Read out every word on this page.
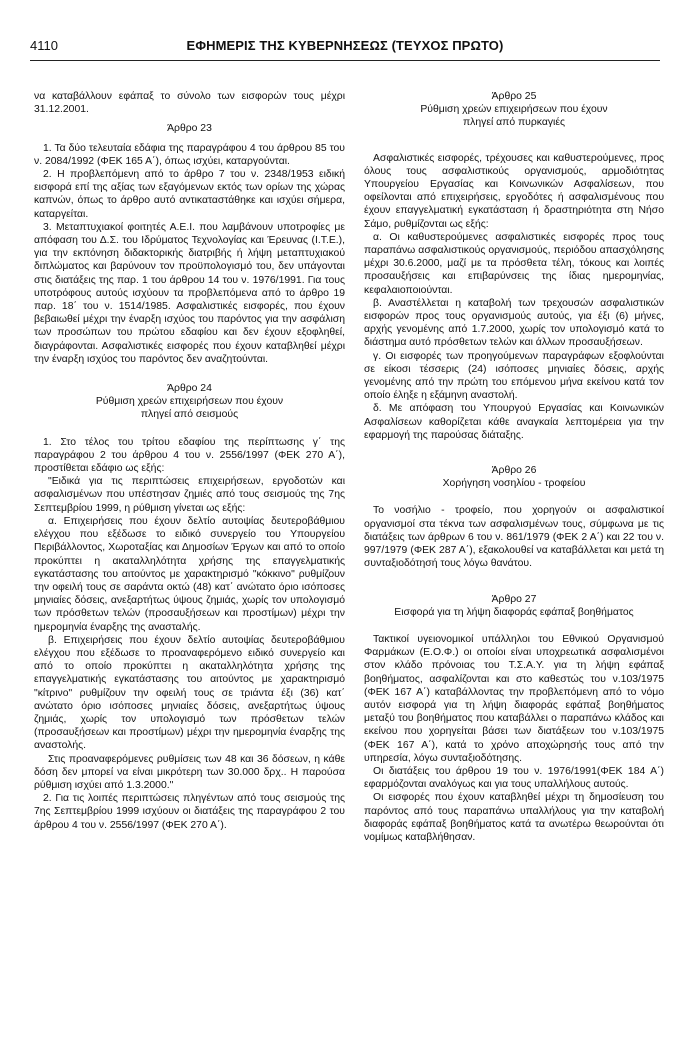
4110	ΕΦΗΜΕΡΙΣ ΤΗΣ ΚΥΒΕΡΝΗΣΕΩΣ (ΤΕΥΧΟΣ ΠΡΩΤΟ)

να καταβάλλουν εφάπαξ το σύνολο των εισφορών τους μέχρι 31.12.2001.

Άρθρο 23

1. Τα δύο τελευταία εδάφια της παραγράφου 4 του άρθρου 85 του ν. 2084/1992 (ΦΕΚ 165 Α΄), όπως ισχύει, καταργούνται.

2. Η προβλεπόμενη από το άρθρο 7 του ν. 2348/1953 ειδική εισφορά επί της αξίας των εξαγόμενων εκτός των ορίων της χώρας καπνών, όπως το άρθρο αυτό αντικαταστάθηκε και ισχύει σήμερα, καταργείται.

3. Μεταπτυχιακοί φοιτητές Α.Ε.Ι. που λαμβάνουν υποτροφίες με απόφαση του Δ.Σ. του Ιδρύματος Τεχνολογίας και Έρευνας (Ι.Τ.Ε.), για την εκπόνηση διδακτορικής διατριβής ή λήψη μεταπτυχιακού διπλώματος και βαρύνουν τον προϋπολογισμό του, δεν υπάγονται στις διατάξεις της παρ. 1 του άρθρου 14 του ν. 1976/1991. Για τους υποτρόφους αυτούς ισχύουν τα προβλεπόμενα από το άρθρο 19 παρ. 18΄ του ν. 1514/1985. Ασφαλιστικές εισφορές, που έχουν βεβαιωθεί μέχρι την έναρξη ισχύος του παρόντος για την ασφάλιση των προσώπων του πρώτου εδαφίου και δεν έχουν εξοφληθεί, διαγράφονται. Ασφαλιστικές εισφορές που έχουν καταβληθεί μέχρι την έναρξη ισχύος του παρόντος δεν αναζητούνται.

Άρθρο 24
Ρύθμιση χρεών επιχειρήσεων που έχουν
πληγεί από σεισμούς

1. Στο τέλος του τρίτου εδαφίου της περίπτωσης γ΄ της παραγράφου 2 του άρθρου 4 του ν. 2556/1997 (ΦΕΚ 270 Α΄), προστίθεται εδάφιο ως εξής:

"Ειδικά για τις περιπτώσεις επιχειρήσεων, εργοδοτών και ασφαλισμένων που υπέστησαν ζημιές από τους σεισμούς της 7ης Σεπτεμβρίου 1999, η ρύθμιση γίνεται ως εξής:

α. Επιχειρήσεις που έχουν δελτίο αυτοψίας δευτεροβάθμιου ελέγχου που εξέδωσε το ειδικό συνεργείο του Υπουργείου Περιβάλλοντος, Χωροταξίας και Δημοσίων Έργων και από το οποίο προκύπτει η ακαταλληλότητα χρήσης της επαγγελματικής εγκατάστασης του αιτούντος με χαρακτηρισμό "κόκκινο" ρυθμίζουν την οφειλή τους σε σαράντα οκτώ (48) κατ΄ ανώτατο όριο ισόποσες μηνιαίες δόσεις, ανεξαρτήτως ύψους ζημιάς, χωρίς τον υπολογισμό των πρόσθετων τελών (προσαυξήσεων και προστίμων) μέχρι την ημερομηνία έναρξης της ανασταλής.

β. Επιχειρήσεις που έχουν δελτίο αυτοψίας δευτεροβάθμιου ελέγχου που εξέδωσε το προαναφερόμενο ειδικό συνεργείο και από το οποίο προκύπτει η ακαταλληλότητα χρήσης της επαγγελματικής εγκατάστασης του αιτούντος με χαρακτηρισμό "κίτρινο" ρυθμίζουν την οφειλή τους σε τριάντα έξι (36) κατ΄ ανώτατο όριο ισόποσες μηνιαίες δόσεις, ανεξαρτήτως ύψους ζημιάς, χωρίς τον υπολογισμό των πρόσθετων τελών (προσαυξήσεων και προστίμων) μέχρι την ημερομηνία έναρξης της αναστολής.

Στις προαναφερόμενες ρυθμίσεις των 48 και 36 δόσεων, η κάθε δόση δεν μπορεί να είναι μικρότερη των 30.000 δρχ.. Η παρούσα ρύθμιση ισχύει από 1.3.2000."

2. Για τις λοιπές περιπτώσεις πληγέντων από τους σεισμούς της 7ης Σεπτεμβρίου 1999 ισχύουν οι διατάξεις της παραγράφου 2 του άρθρου 4 του ν. 2556/1997 (ΦΕΚ 270 Α΄).

Άρθρο 25
Ρύθμιση χρεών επιχειρήσεων που έχουν
πληγεί από πυρκαγιές

Ασφαλιστικές εισφορές, τρέχουσες και καθυστερούμενες, προς όλους τους ασφαλιστικούς οργανισμούς, αρμοδιότητας Υπουργείου Εργασίας και Κοινωνικών Ασφαλίσεων, που οφείλονται από επιχειρήσεις, εργοδότες ή ασφαλισμένους που έχουν επαγγελματική εγκατάσταση ή δραστηριότητα στη Νήσο Σάμο, ρυθμίζονται ως εξής:

α. Οι καθυστερούμενες ασφαλιστικές εισφορές προς τους παραπάνω ασφαλιστικούς οργανισμούς, περιόδου απασχόλησης μέχρι 30.6.2000, μαζί με τα πρόσθετα τέλη, τόκους και λοιπές προσαυξήσεις και επιβαρύνσεις της ίδιας ημερομηνίας, κεφαλαιοποιούνται.

β. Αναστέλλεται η καταβολή των τρεχουσών ασφαλιστικών εισφορών προς τους οργανισμούς αυτούς, για έξι (6) μήνες, αρχής γενομένης από 1.7.2000, χωρίς τον υπολογισμό κατά το διάστημα αυτό πρόσθετων τελών και άλλων προσαυξήσεων.

γ. Οι εισφορές των προηγούμενων παραγράφων εξοφλούνται σε είκοσι τέσσερις (24) ισόποσες μηνιαίες δόσεις, αρχής γενομένης από την πρώτη του επόμενου μήνα εκείνου κατά τον οποίο έληξε η εξάμηνη αναστολή.

δ. Με απόφαση του Υπουργού Εργασίας και Κοινωνικών Ασφαλίσεων καθορίζεται κάθε αναγκαία λεπτομέρεια για την εφαρμογή της παρούσας διάταξης.

Άρθρο 26
Χορήγηση νοσηλίου - τροφείου

Το νοσήλιο - τροφείο, που χορηγούν οι ασφαλιστικοί οργανισμοί στα τέκνα των ασφαλισμένων τους, σύμφωνα με τις διατάξεις των άρθρων 6 του ν. 861/1979 (ΦΕΚ 2 Α΄) και 22 του ν. 997/1979 (ΦΕΚ 287 Α΄), εξακολουθεί να καταβάλλεται και μετά τη συνταξιοδότησή τους λόγω θανάτου.

Άρθρο 27
Εισφορά για τη λήψη διαφοράς εφάπαξ βοηθήματος

Τακτικοί υγειονομικοί υπάλληλοι του Εθνικού Οργανισμού Φαρμάκων (Ε.Ο.Φ.) οι οποίοι είναι υποχρεωτικά ασφαλισμένοι στον κλάδο πρόνοιας του Τ.Σ.Α.Υ. για τη λήψη εφάπαξ βοηθήματος, ασφαλίζονται και στο καθεστώς του ν.103/1975 (ΦΕΚ 167 Α΄) καταβάλλοντας την προβλεπόμενη από το νόμο αυτόν εισφορά για τη λήψη διαφοράς εφάπαξ βοηθήματος μεταξύ του βοηθήματος που καταβάλλει ο παραπάνω κλάδος και εκείνου που χορηγείται βάσει των διατάξεων του ν.103/1975 (ΦΕΚ 167 Α΄), κατά το χρόνο αποχώρησής τους από την υπηρεσία, λόγω συνταξιοδότησης.

Οι διατάξεις του άρθρου 19 του ν. 1976/1991(ΦΕΚ 184 Α΄) εφαρμόζονται αναλόγως και για τους υπαλλήλους αυτούς.

Οι εισφορές που έχουν καταβληθεί μέχρι τη δημοσίευση του παρόντος από τους παραπάνω υπαλλήλους για την καταβολή διαφοράς εφάπαξ βοηθήματος κατά τα ανωτέρω θεωρούνται ότι νομίμως καταβλήθησαν.
